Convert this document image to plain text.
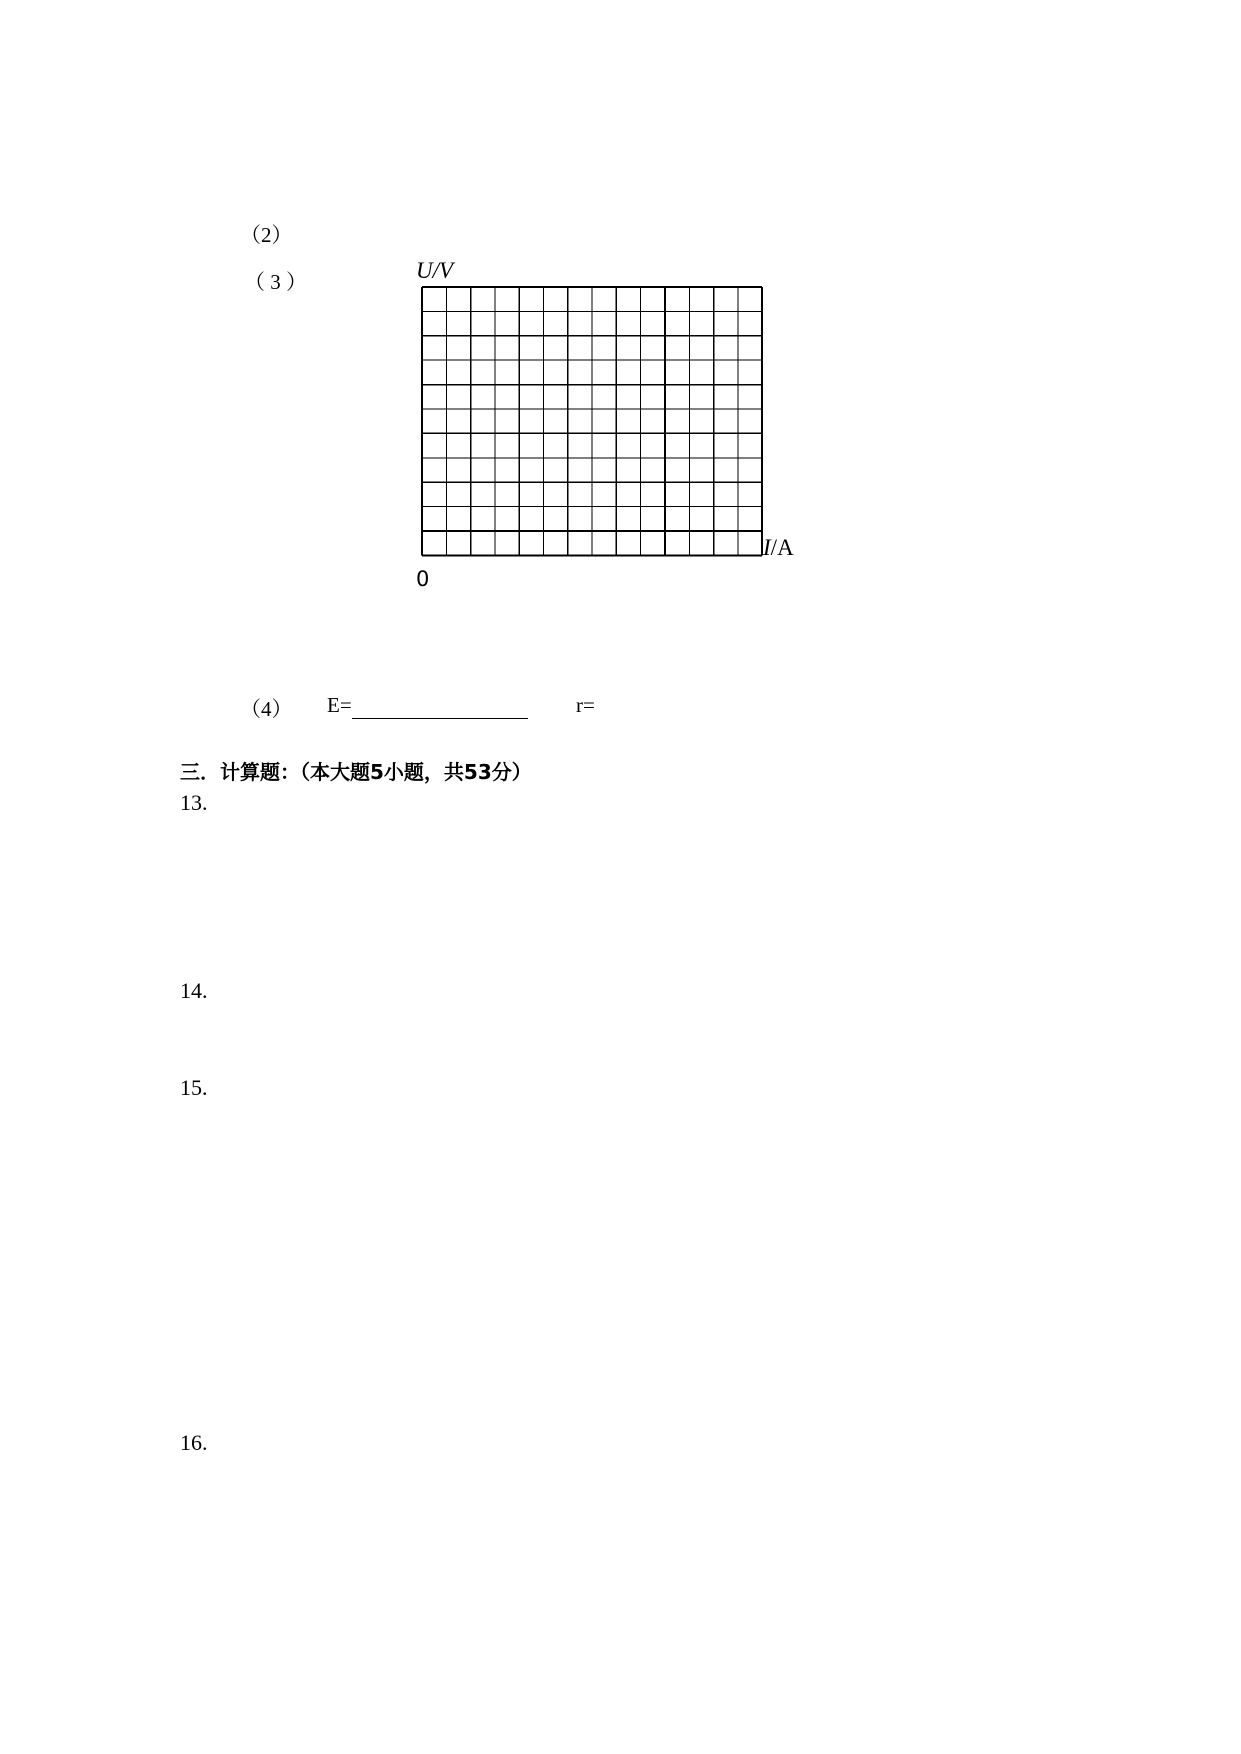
（2）
（ 3 ）	U/V
I/A
0
（4） E=	r=
三．计算题：（本大题5小题，共53分）
13.
14.
15.
16.
